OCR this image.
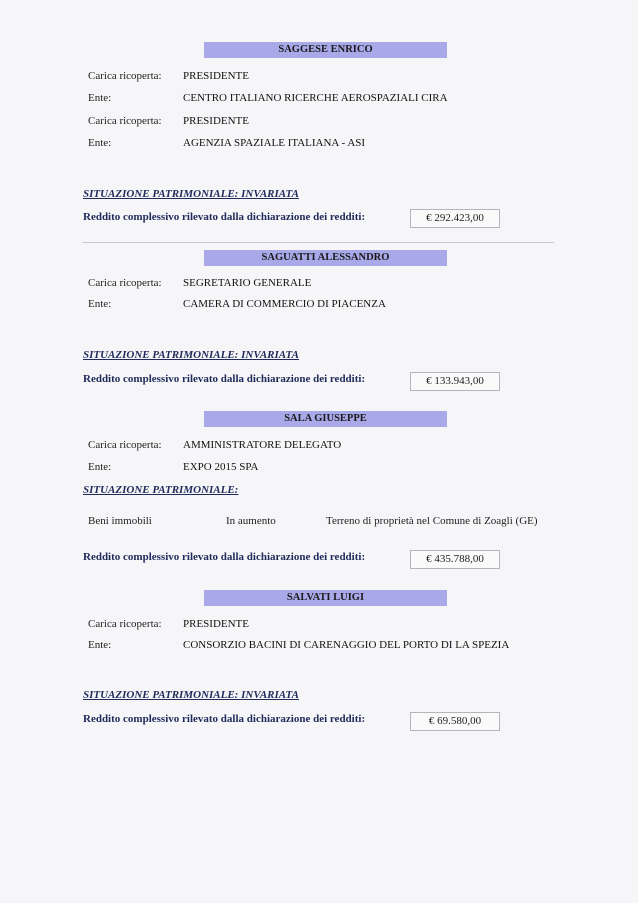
SAGGESE ENRICO
Carica ricoperta: PRESIDENTE
Ente:	CENTRO ITALIANO RICERCHE AEROSPAZIALI CIRA
Carica ricoperta: PRESIDENTE
Ente:	AGENZIA SPAZIALE ITALIANA - ASI
SITUAZIONE PATRIMONIALE: INVARIATA
Reddito complessivo rilevato dalla dichiarazione dei redditi:	€ 292.423,00
SAGUATTI ALESSANDRO
Carica ricoperta: SEGRETARIO GENERALE
Ente:	CAMERA DI COMMERCIO DI PIACENZA
SITUAZIONE PATRIMONIALE: INVARIATA
Reddito complessivo rilevato dalla dichiarazione dei redditi:	€ 133.943,00
SALA GIUSEPPE
Carica ricoperta: AMMINISTRATORE DELEGATO
Ente:	EXPO 2015 SPA
SITUAZIONE PATRIMONIALE:
Beni immobili	In aumento	Terreno di proprietà nel Comune di Zoagli (GE)
Reddito complessivo rilevato dalla dichiarazione dei redditi:	€ 435.788,00
SALVATI LUIGI
Carica ricoperta: PRESIDENTE
Ente:	CONSORZIO BACINI DI CARENAGGIO DEL PORTO DI LA SPEZIA
SITUAZIONE PATRIMONIALE: INVARIATA
Reddito complessivo rilevato dalla dichiarazione dei redditi:	€ 69.580,00
